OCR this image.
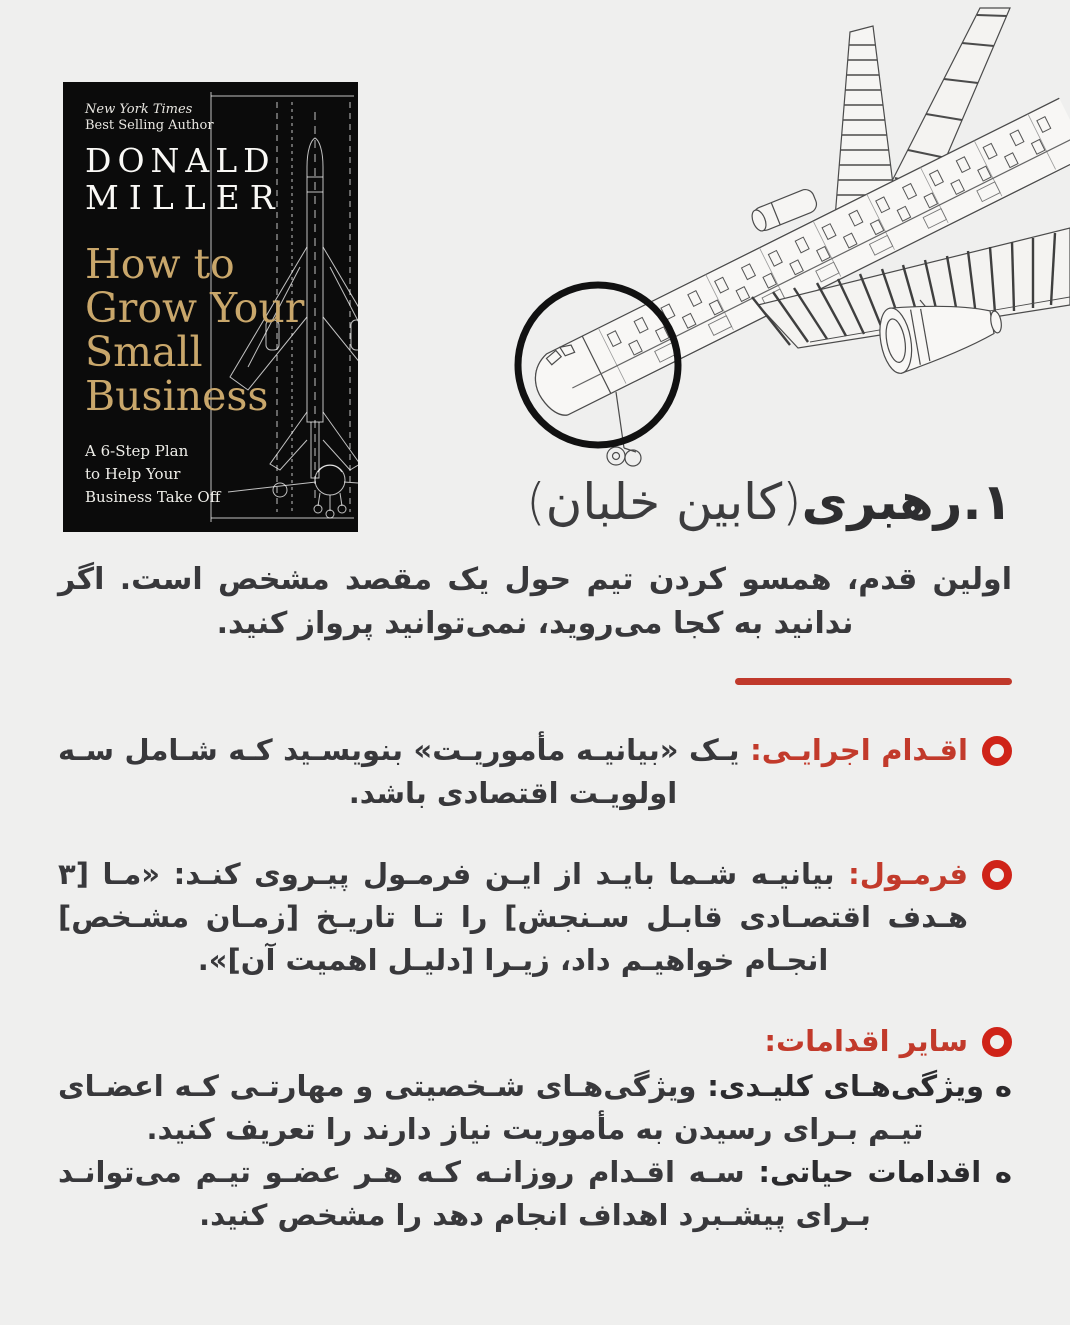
New York Times
Best Selling Author
DONALD
MILLER
How to
Grow Your
Small
Business
A 6-Step Plan
to Help Your
Business Take Off	۱.رهبری
(کابین خلبان)

اولین قدم، همسو کردن تیم حول یک مقصد مشخص است. اگر ندانید به کجا می‌روید، نمی‌توانید پرواز کنید.

اقـدام اجرایـی: یـک «بیانیـه مأموریـت» بنویسـید کـه شـامل سـه اولویـت اقتصادی باشد.

فرمـول: بیانیـه شـما بایـد از ایـن فرمـول پیـروی کنـد: «مـا [۳ هـدف اقتصـادی قابـل سـنجش] را تـا تاریـخ [زمـان مشـخص] انجـام خواهیـم داد، زیـرا [دلیـل اهمیت آن]».

سایر اقدامات:

ه ویژگی‌هـای کلیـدی: ویژگی‌هـای شـخصیتی و مهارتـی کـه اعضـای تیـم بـرای رسیدن به مأموریت نیاز دارند را تعریف کنید.

ه اقدامات حیاتی: سـه اقـدام روزانـه کـه هـر عضـو تیـم می‌توانـد بـرای پیشـبرد اهداف انجام دهد را مشخص کنید.
